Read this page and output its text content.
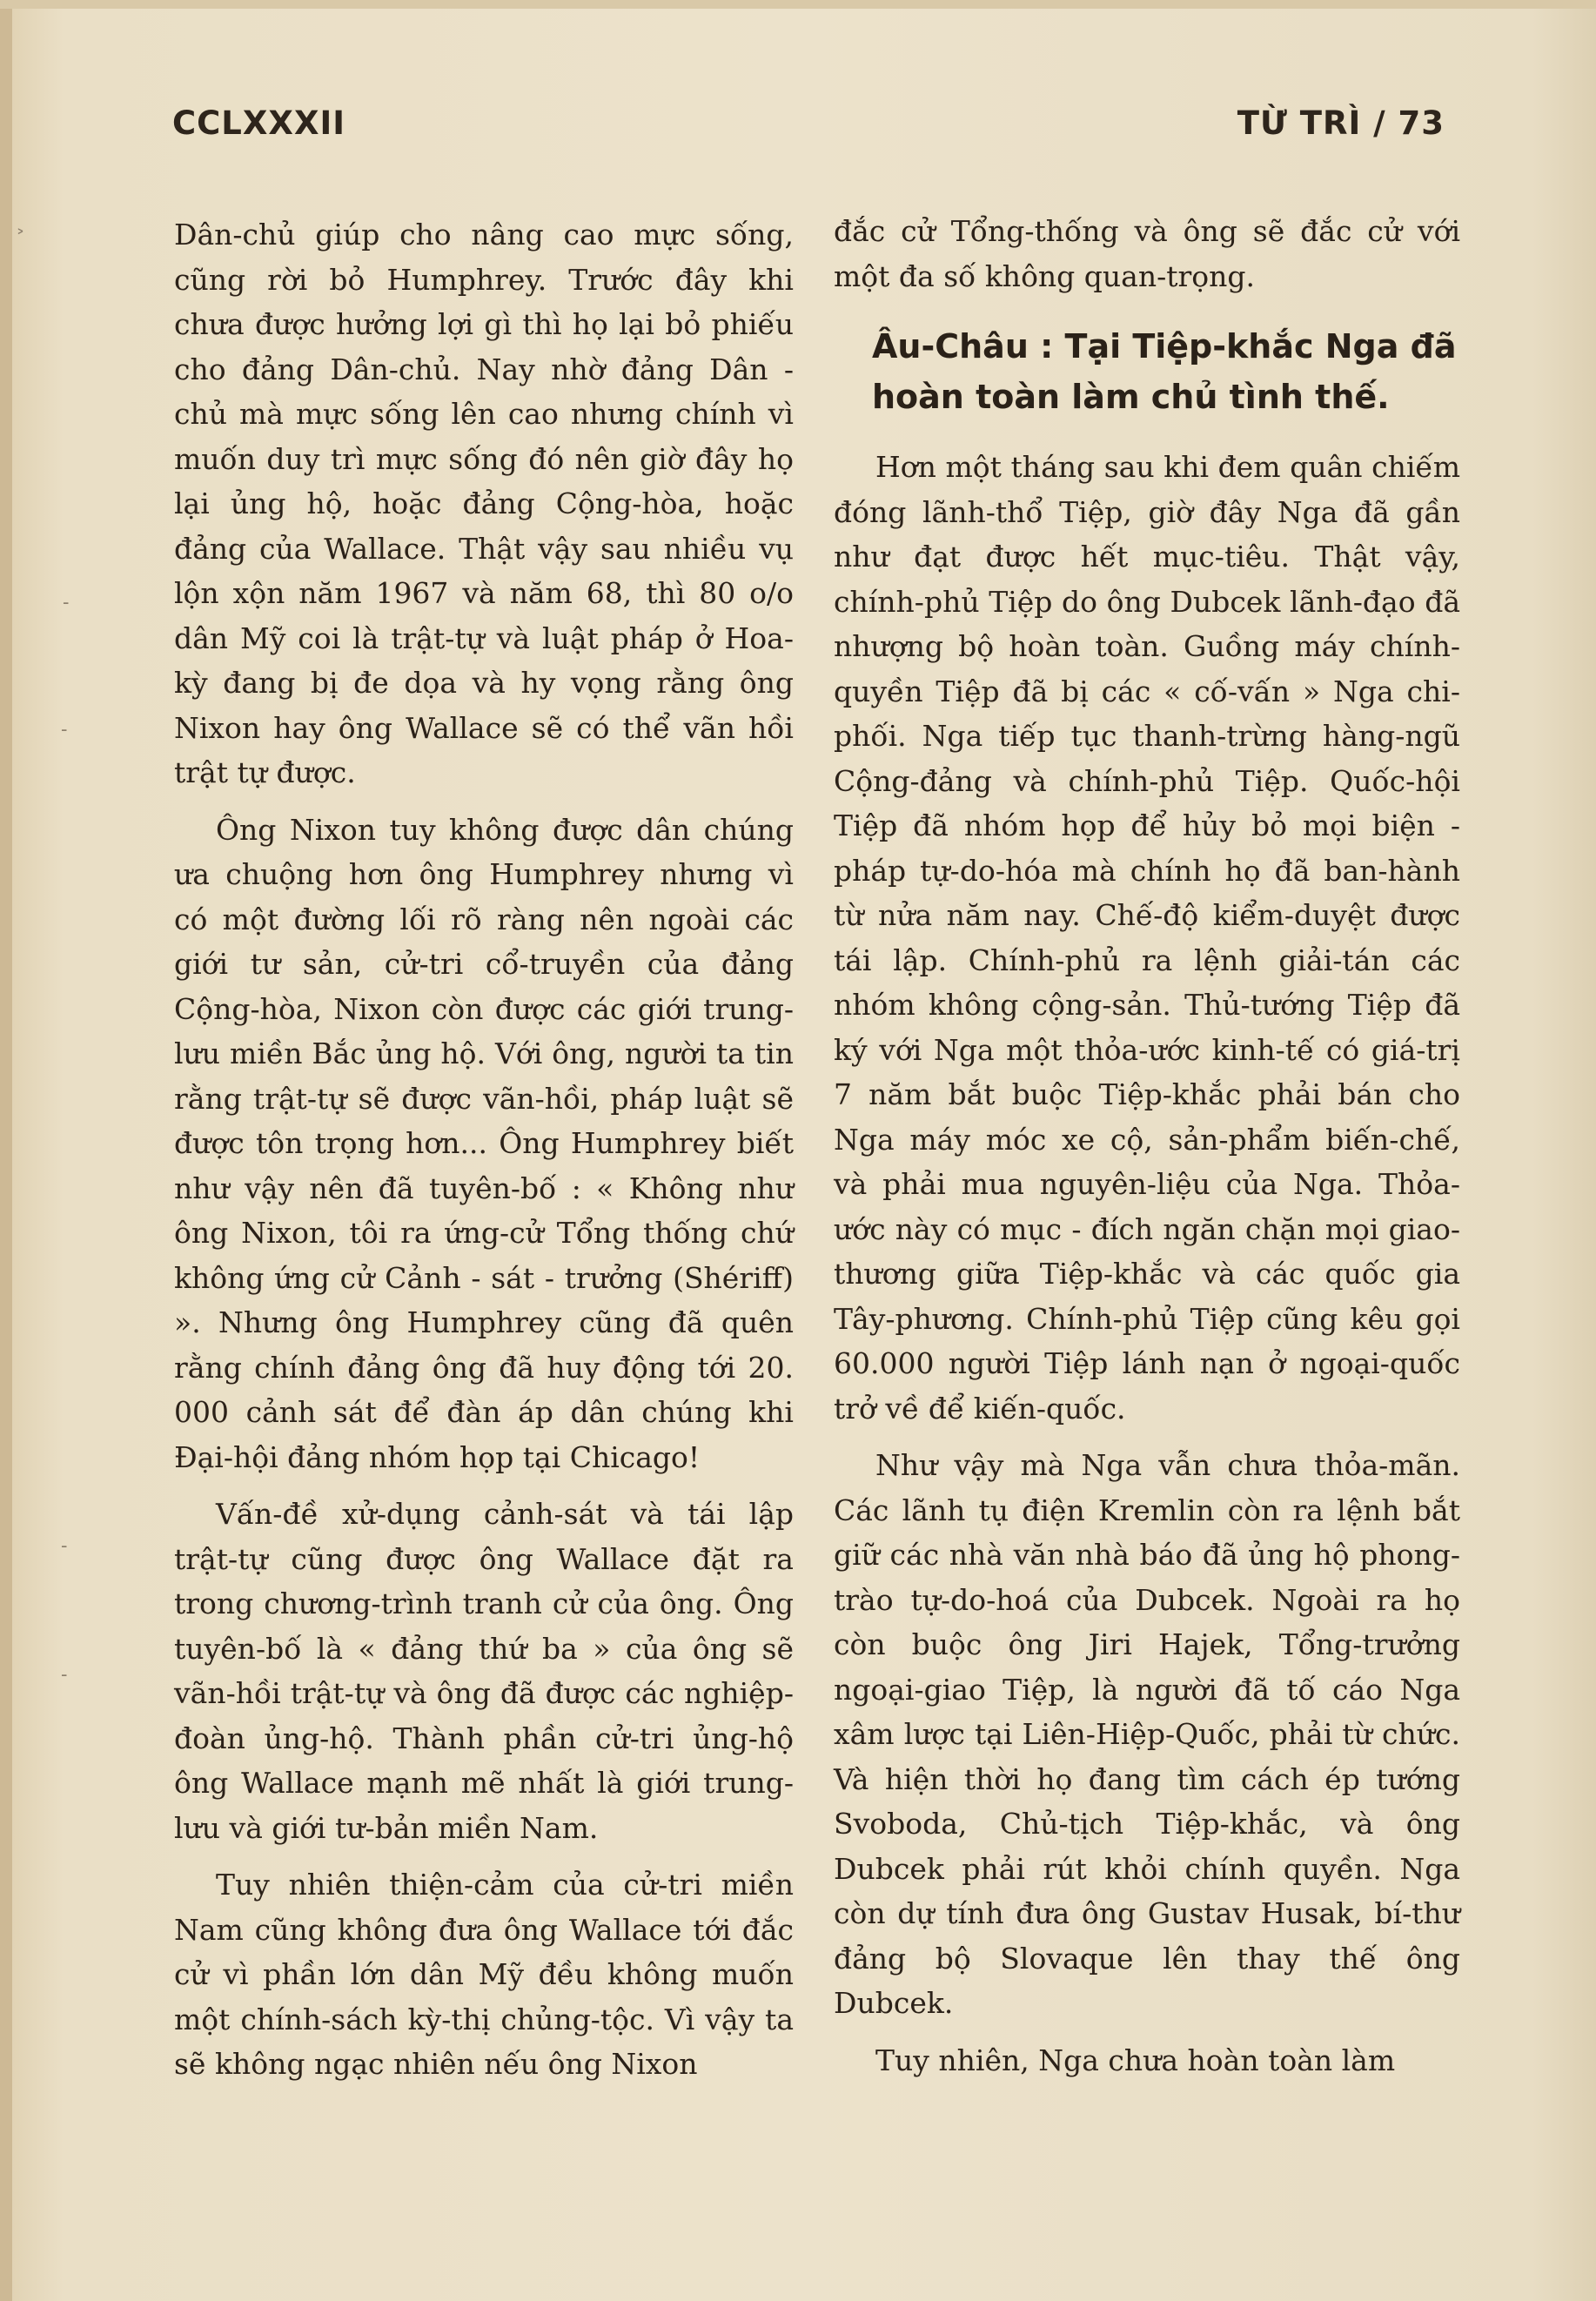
CCLXXXII	TỪ TRÌ / 73

Dân-chủ giúp cho nâng cao mực sống, cũng rời bỏ Humphrey. Trước đây khi chưa được hưởng lợi gì thì họ lại bỏ phiếu cho đảng Dân-chủ. Nay nhờ đảng Dân - chủ mà mực sống lên cao nhưng chính vì muốn duy trì mực sống đó nên giờ đây họ lại ủng hộ, hoặc đảng Cộng-hòa, hoặc đảng của Wallace. Thật vậy sau nhiều vụ lộn xộn năm 1967 và năm 68, thì 80 o/o dân Mỹ coi là trật-tự và luật pháp ở Hoa-kỳ đang bị đe dọa và hy vọng rằng ông Nixon hay ông Wallace sẽ có thể vãn hồi trật tự được.

Ông Nixon tuy không được dân chúng ưa chuộng hơn ông Humphrey nhưng vì có một đường lối rõ ràng nên ngoài các giới tư sản, cử-tri cổ-truyền của đảng Cộng-hòa, Nixon còn được các giới trung-lưu miền Bắc ủng hộ. Với ông, người ta tin rằng trật-tự sẽ được vãn-hồi, pháp luật sẽ được tôn trọng hơn... Ông Humphrey biết như vậy nên đã tuyên-bố : « Không như ông Nixon, tôi ra ứng-cử Tổng thống chứ không ứng cử Cảnh - sát - trưởng (Shériff) ». Nhưng ông Humphrey cũng đã quên rằng chính đảng ông đã huy động tới 20. 000 cảnh sát để đàn áp dân chúng khi Đại-hội đảng nhóm họp tại Chicago!

Vấn-đề xử-dụng cảnh-sát và tái lập trật-tự cũng được ông Wallace đặt ra trong chương-trình tranh cử của ông. Ông tuyên-bố là « đảng thứ ba » của ông sẽ vãn-hồi trật-tự và ông đã được các nghiệp-đoàn ủng-hộ. Thành phần cử-tri ủng-hộ ông Wallace mạnh mẽ nhất là giới trung-lưu và giới tư-bản miền Nam.

Tuy nhiên thiện-cảm của cử-tri miền Nam cũng không đưa ông Wallace tới đắc cử vì phần lớn dân Mỹ đều không muốn một chính-sách kỳ-thị chủng-tộc. Vì vậy ta sẽ không ngạc nhiên nếu ông Nixon

đắc cử Tổng-thống và ông sẽ đắc cử với một đa số không quan-trọng.

Âu-Châu : Tại Tiệp-khắc Nga đã hoàn toàn làm chủ tình thế.

Hơn một tháng sau khi đem quân chiếm đóng lãnh-thổ Tiệp, giờ đây Nga đã gần như đạt được hết mục-tiêu. Thật vậy, chính-phủ Tiệp do ông Dubcek lãnh-đạo đã nhượng bộ hoàn toàn. Guồng máy chính-quyền Tiệp đã bị các « cố-vấn » Nga chi-phối. Nga tiếp tục thanh-trừng hàng-ngũ Cộng-đảng và chính-phủ Tiệp. Quốc-hội Tiệp đã nhóm họp để hủy bỏ mọi biện - pháp tự-do-hóa mà chính họ đã ban-hành từ nửa năm nay. Chế-độ kiểm-duyệt được tái lập. Chính-phủ ra lệnh giải-tán các nhóm không cộng-sản. Thủ-tướng Tiệp đã ký với Nga một thỏa-ước kinh-tế có giá-trị 7 năm bắt buộc Tiệp-khắc phải bán cho Nga máy móc xe cộ, sản-phẩm biến-chế, và phải mua nguyên-liệu của Nga. Thỏa-ước này có mục - đích ngăn chặn mọi giao-thương giữa Tiệp-khắc và các quốc gia Tây-phương. Chính-phủ Tiệp cũng kêu gọi 60.000 người Tiệp lánh nạn ở ngoại-quốc trở về để kiến-quốc.

Như vậy mà Nga vẫn chưa thỏa-mãn. Các lãnh tụ điện Kremlin còn ra lệnh bắt giữ các nhà văn nhà báo đã ủng hộ phong-trào tự-do-hoá của Dubcek. Ngoài ra họ còn buộc ông Jiri Hajek, Tổng-trưởng ngoại-giao Tiệp, là người đã tố cáo Nga xâm lược tại Liên-Hiệp-Quốc, phải từ chức. Và hiện thời họ đang tìm cách ép tướng Svoboda, Chủ-tịch Tiệp-khắc, và ông Dubcek phải rút khỏi chính quyền. Nga còn dự tính đưa ông Gustav Husak, bí-thư đảng bộ Slovaque lên thay thế ông Dubcek.

Tuy nhiên, Nga chưa hoàn toàn làm

˃
-
-
-
-
